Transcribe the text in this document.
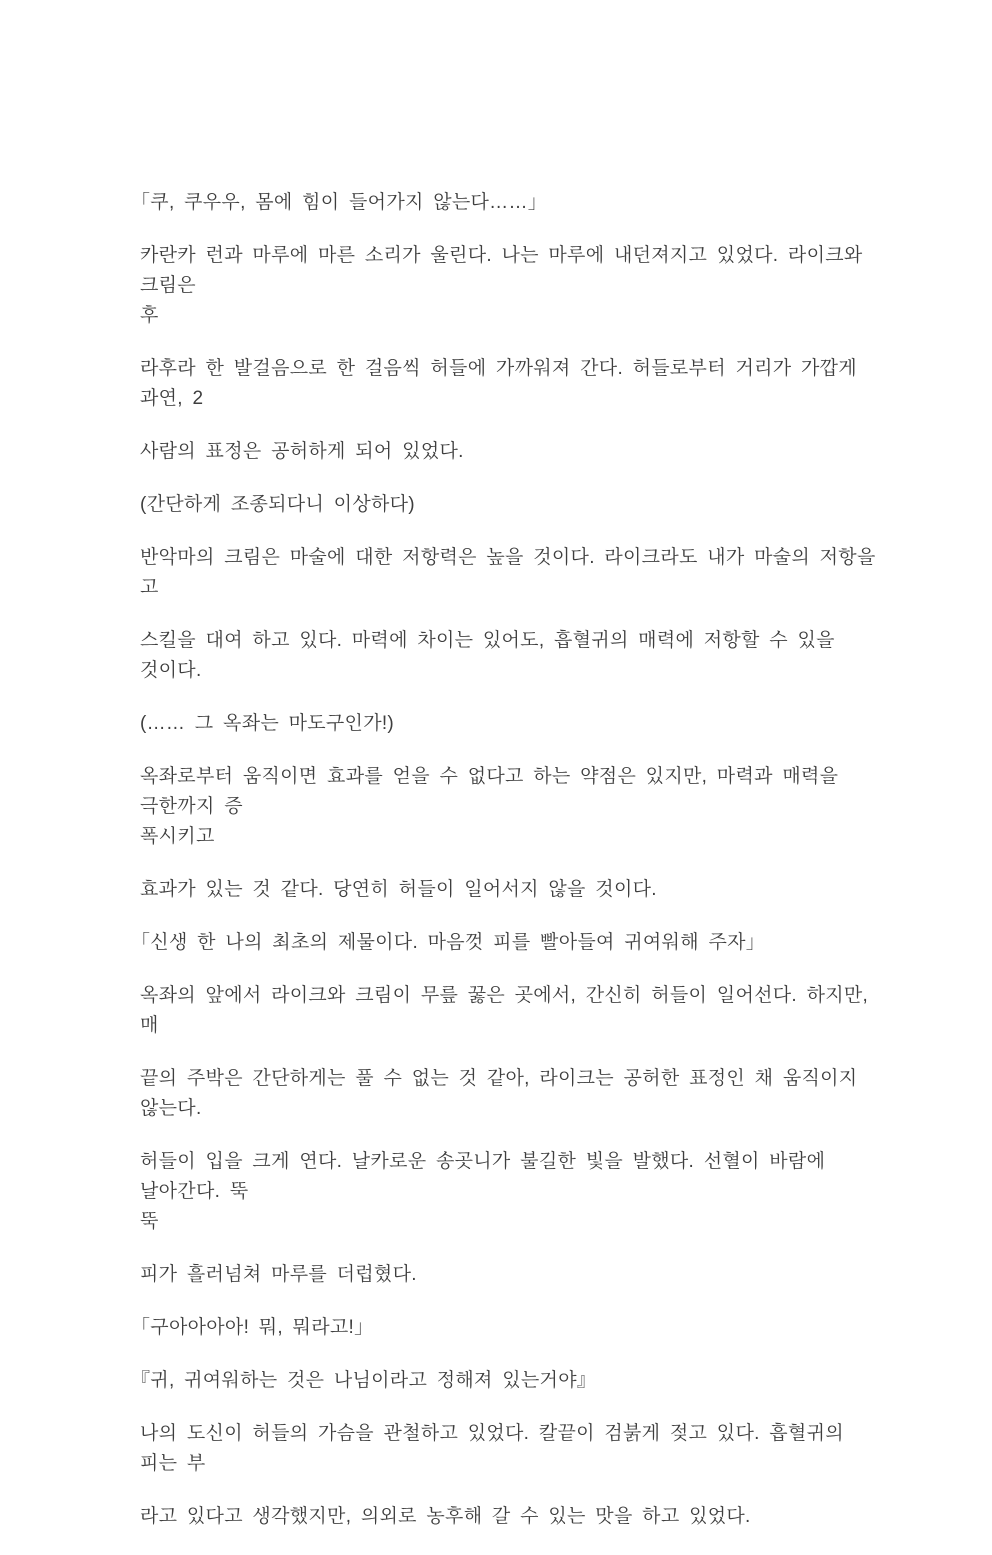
「쿠, 쿠우우, 몸에 힘이 들어가지 않는다……」

카란카 런과 마루에 마른 소리가 울린다. 나는 마루에 내던져지고 있었다. 라이크와 크림은
후

라후라 한 발걸음으로 한 걸음씩 허들에 가까워져 간다. 허들로부터 거리가 가깝게 과연, 2

사람의 표정은 공허하게 되어 있었다.

(간단하게 조종되다니 이상하다)

반악마의 크림은 마술에 대한 저항력은 높을 것이다. 라이크라도 내가 마술의 저항을 고

스킬을 대여 하고 있다. 마력에 차이는 있어도, 흡혈귀의 매력에 저항할 수 있을 것이다.

(…… 그 옥좌는 마도구인가!)

옥좌로부터 움직이면 효과를 얻을 수 없다고 하는 약점은 있지만, 마력과 매력을 극한까지 증
폭시키고

효과가 있는 것 같다. 당연히 허들이 일어서지 않을 것이다.

「신생 한 나의 최초의 제물이다. 마음껏 피를 빨아들여 귀여워해 주자」

옥좌의 앞에서 라이크와 크림이 무릎 꿇은 곳에서, 간신히 허들이 일어선다. 하지만, 매

끝의 주박은 간단하게는 풀 수 없는 것 같아, 라이크는 공허한 표정인 채 움직이지 않는다.

허들이 입을 크게 연다. 날카로운 송곳니가 불길한 빛을 발했다. 선혈이 바람에 날아간다. 뚝
뚝

피가 흘러넘쳐 마루를 더럽혔다.

「구아아아아! 뭐, 뭐라고!」

『귀, 귀여워하는 것은 나님이라고 정해져 있는거야』

나의 도신이 허들의 가슴을 관철하고 있었다. 칼끝이 검붉게 젖고 있다. 흡혈귀의 피는 부

라고 있다고 생각했지만, 의외로 농후해 갈 수 있는 맛을 하고 있었다.
